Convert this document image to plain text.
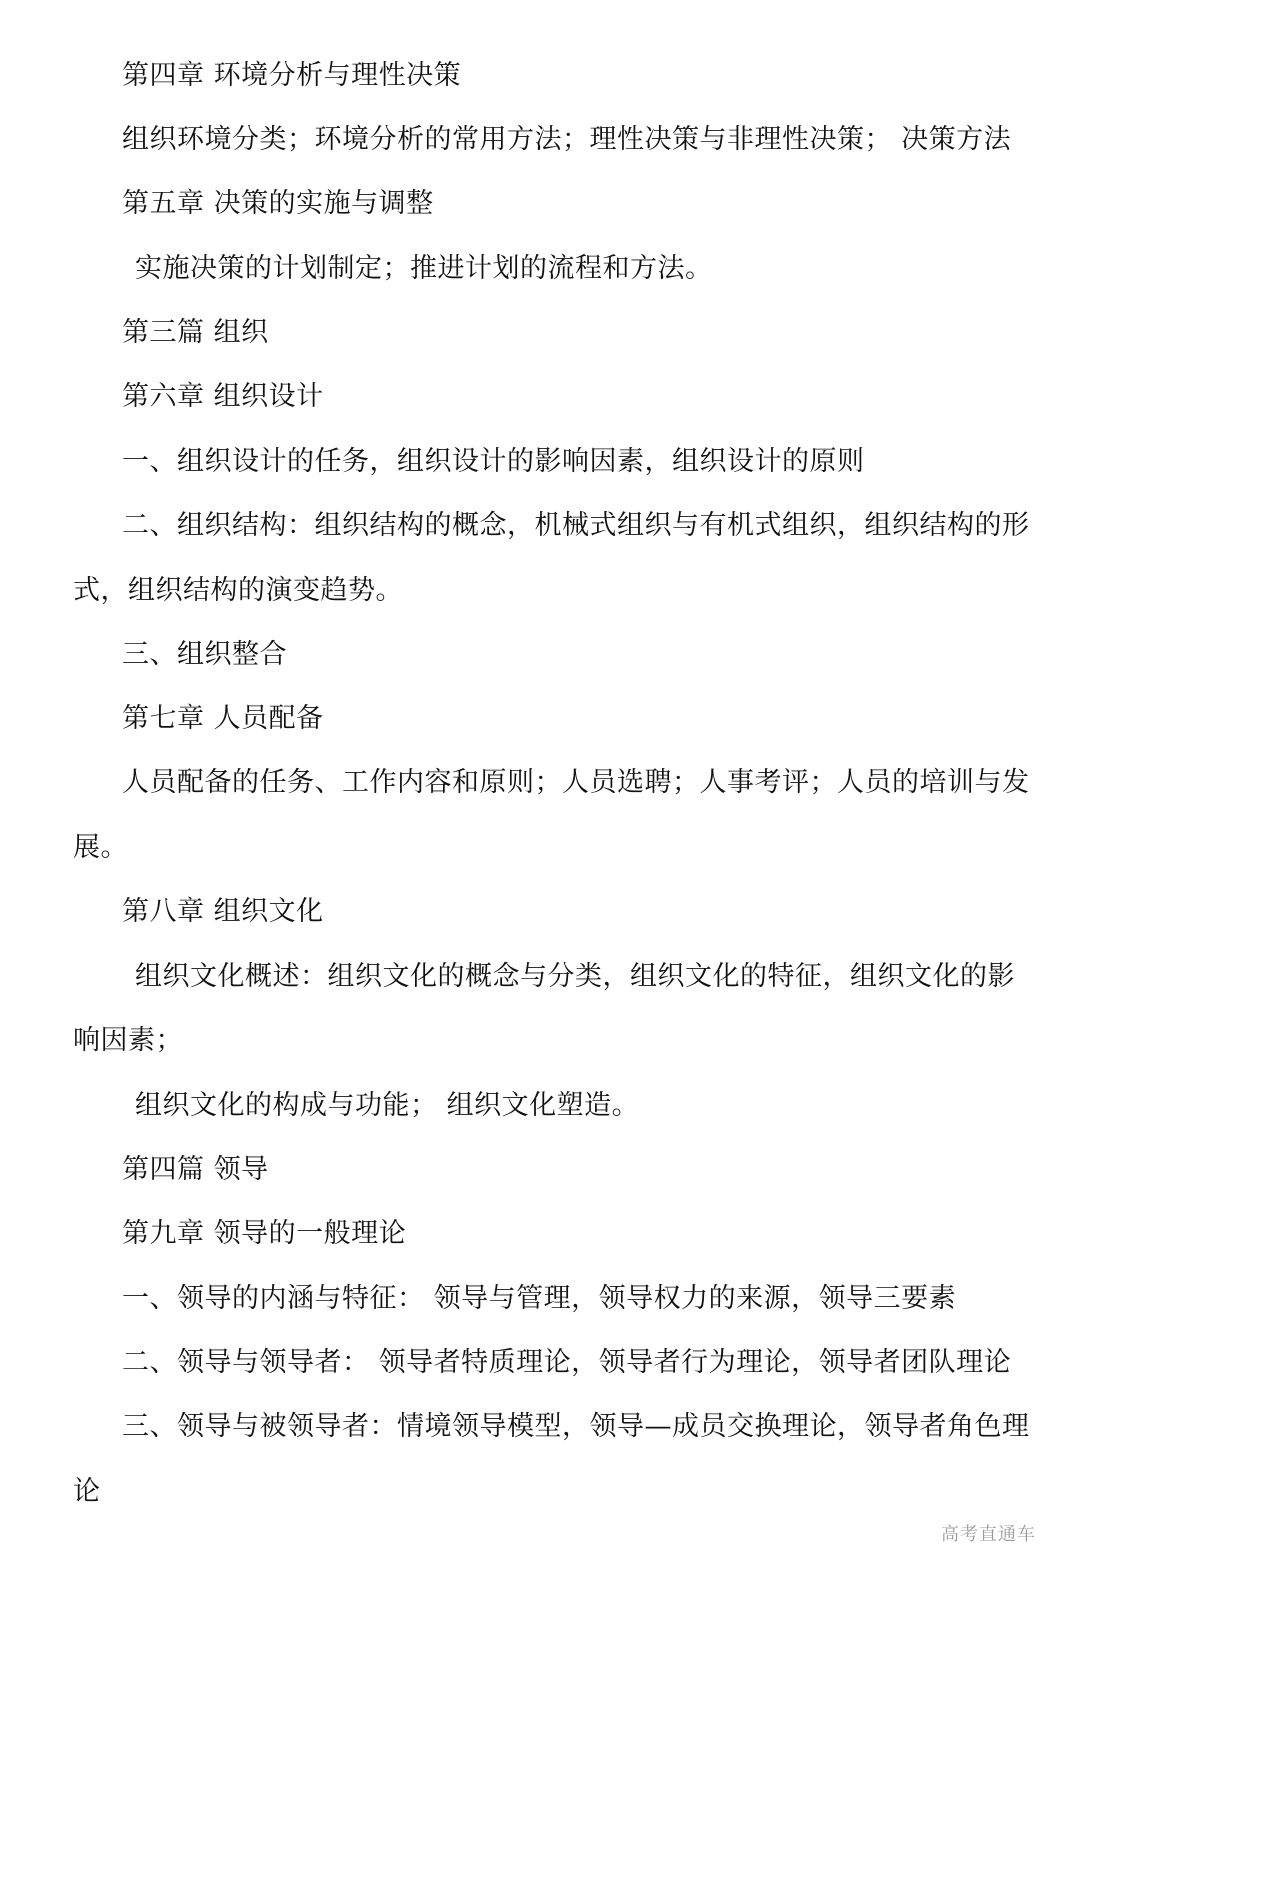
第四章 环境分析与理性决策
组织环境分类；环境分析的常用方法；理性决策与非理性决策； 决策方法
第五章 决策的实施与调整
实施决策的计划制定；推进计划的流程和方法。
第三篇 组织
第六章 组织设计
一、组织设计的任务，组织设计的影响因素，组织设计的原则
二、组织结构：组织结构的概念，机械式组织与有机式组织，组织结构的形
式，组织结构的演变趋势。
三、组织整合
第七章 人员配备
人员配备的任务、工作内容和原则；人员选聘；人事考评；人员的培训与发
展。
第八章 组织文化
组织文化概述：组织文化的概念与分类，组织文化的特征，组织文化的影
响因素；
组织文化的构成与功能； 组织文化塑造。
第四篇 领导
第九章 领导的一般理论
一、领导的内涵与特征： 领导与管理，领导权力的来源，领导三要素
二、领导与领导者： 领导者特质理论，领导者行为理论，领导者团队理论
三、领导与被领导者：情境领导模型，领导—成员交换理论，领导者角色理
论
高考直通车
